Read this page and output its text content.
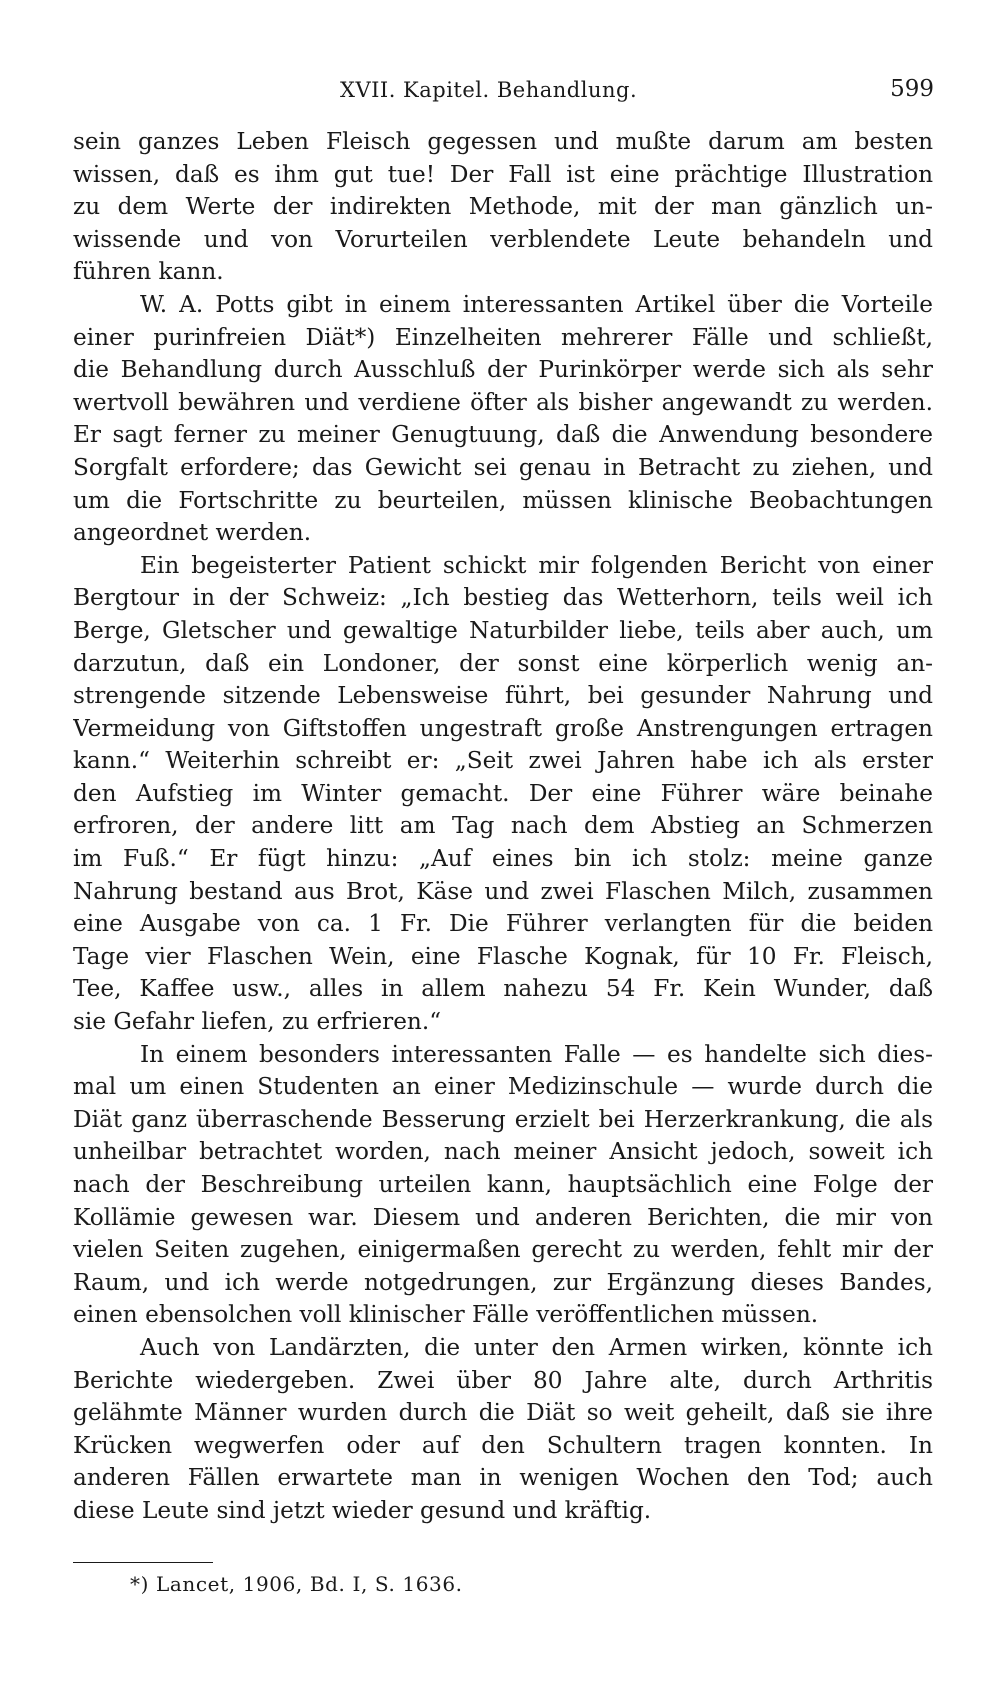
XVII. Kapitel. Behandlung.	599
sein ganzes Leben Fleisch gegessen und mußte darum am besten
wissen, daß es ihm gut tue! Der Fall ist eine prächtige Illustration
zu dem Werte der indirekten Methode, mit der man gänzlich un-
wissende und von Vorurteilen verblendete Leute behandeln und
führen kann.
W. A. Potts gibt in einem interessanten Artikel über die Vorteile
einer purinfreien Diät*) Einzelheiten mehrerer Fälle und schließt,
die Behandlung durch Ausschluß der Purinkörper werde sich als sehr
wertvoll bewähren und verdiene öfter als bisher angewandt zu werden.
Er sagt ferner zu meiner Genugtuung, daß die Anwendung besondere
Sorgfalt erfordere; das Gewicht sei genau in Betracht zu ziehen, und
um die Fortschritte zu beurteilen, müssen klinische Beobachtungen
angeordnet werden.
Ein begeisterter Patient schickt mir folgenden Bericht von einer
Bergtour in der Schweiz: „Ich bestieg das Wetterhorn, teils weil ich
Berge, Gletscher und gewaltige Naturbilder liebe, teils aber auch, um
darzutun, daß ein Londoner, der sonst eine körperlich wenig an-
strengende sitzende Lebensweise führt, bei gesunder Nahrung und
Vermeidung von Giftstoffen ungestraft große Anstrengungen ertragen
kann.“ Weiterhin schreibt er: „Seit zwei Jahren habe ich als erster
den Aufstieg im Winter gemacht. Der eine Führer wäre beinahe
erfroren, der andere litt am Tag nach dem Abstieg an Schmerzen
im Fuß.“ Er fügt hinzu: „Auf eines bin ich stolz: meine ganze
Nahrung bestand aus Brot, Käse und zwei Flaschen Milch, zusammen
eine Ausgabe von ca. 1 Fr. Die Führer verlangten für die beiden
Tage vier Flaschen Wein, eine Flasche Kognak, für 10 Fr. Fleisch,
Tee, Kaffee usw., alles in allem nahezu 54 Fr. Kein Wunder, daß
sie Gefahr liefen, zu erfrieren.“
In einem besonders interessanten Falle — es handelte sich dies-
mal um einen Studenten an einer Medizinschule — wurde durch die
Diät ganz überraschende Besserung erzielt bei Herzerkrankung, die als
unheilbar betrachtet worden, nach meiner Ansicht jedoch, soweit ich
nach der Beschreibung urteilen kann, hauptsächlich eine Folge der
Kollämie gewesen war. Diesem und anderen Berichten, die mir von
vielen Seiten zugehen, einigermaßen gerecht zu werden, fehlt mir der
Raum, und ich werde notgedrungen, zur Ergänzung dieses Bandes,
einen ebensolchen voll klinischer Fälle veröffentlichen müssen.
Auch von Landärzten, die unter den Armen wirken, könnte ich
Berichte wiedergeben. Zwei über 80 Jahre alte, durch Arthritis
gelähmte Männer wurden durch die Diät so weit geheilt, daß sie ihre
Krücken wegwerfen oder auf den Schultern tragen konnten. In
anderen Fällen erwartete man in wenigen Wochen den Tod; auch
diese Leute sind jetzt wieder gesund und kräftig.
*) Lancet, 1906, Bd. I, S. 1636.
